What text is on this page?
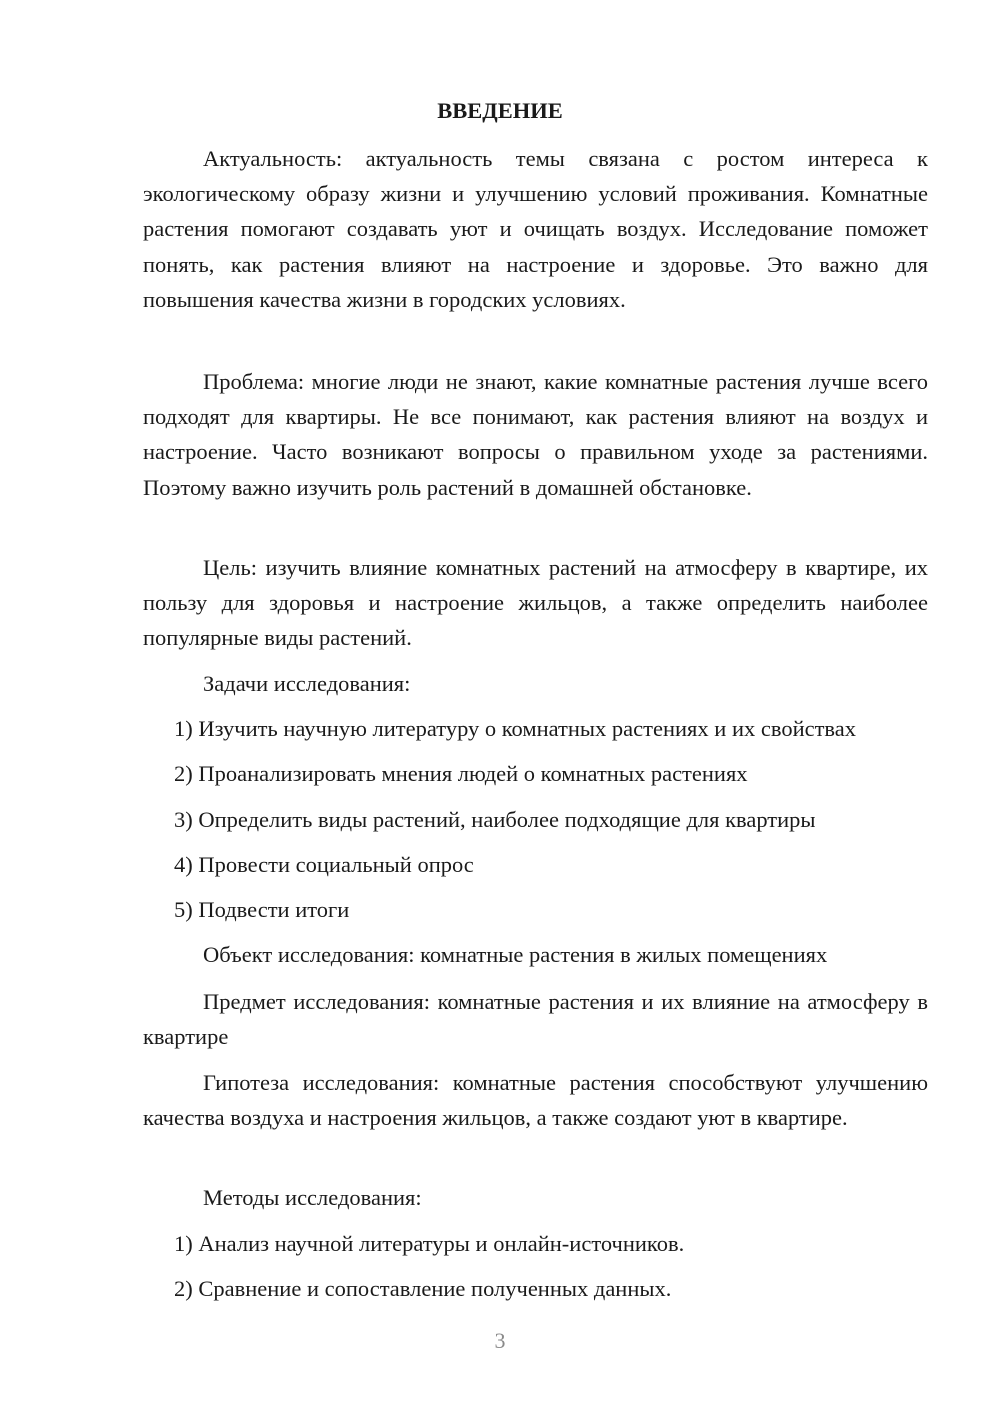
ВВЕДЕНИЕ

Актуальность: актуальность темы связана с ростом интереса к экологическому образу жизни и улучшению условий проживания. Комнатные растения помогают создавать уют и очищать воздух. Исследование поможет понять, как растения влияют на настроение и здоровье. Это важно для повышения качества жизни в городских условиях.

Проблема: многие люди не знают, какие комнатные растения лучше всего подходят для квартиры. Не все понимают, как растения влияют на воздух и настроение. Часто возникают вопросы о правильном уходе за растениями. Поэтому важно изучить роль растений в домашней обстановке.

Цель: изучить влияние комнатных растений на атмосферу в квартире, их пользу для здоровья и настроение жильцов, а также определить наиболее популярные виды растений.

Задачи исследования:
1) Изучить научную литературу о комнатных растениях и их свойствах
2) Проанализировать мнения людей о комнатных растениях
3) Определить виды растений, наиболее подходящие для квартиры
4) Провести социальный опрос
5) Подвести итоги
Объект исследования: комнатные растения в жилых помещениях

Предмет исследования: комнатные растения и их влияние на атмосферу в квартире

Гипотеза исследования: комнатные растения способствуют улучшению качества воздуха и настроения жильцов, а также создают уют в квартире.

Методы исследования:
1) Анализ научной литературы и онлайн-источников.
2) Сравнение и сопоставление полученных данных.
3
